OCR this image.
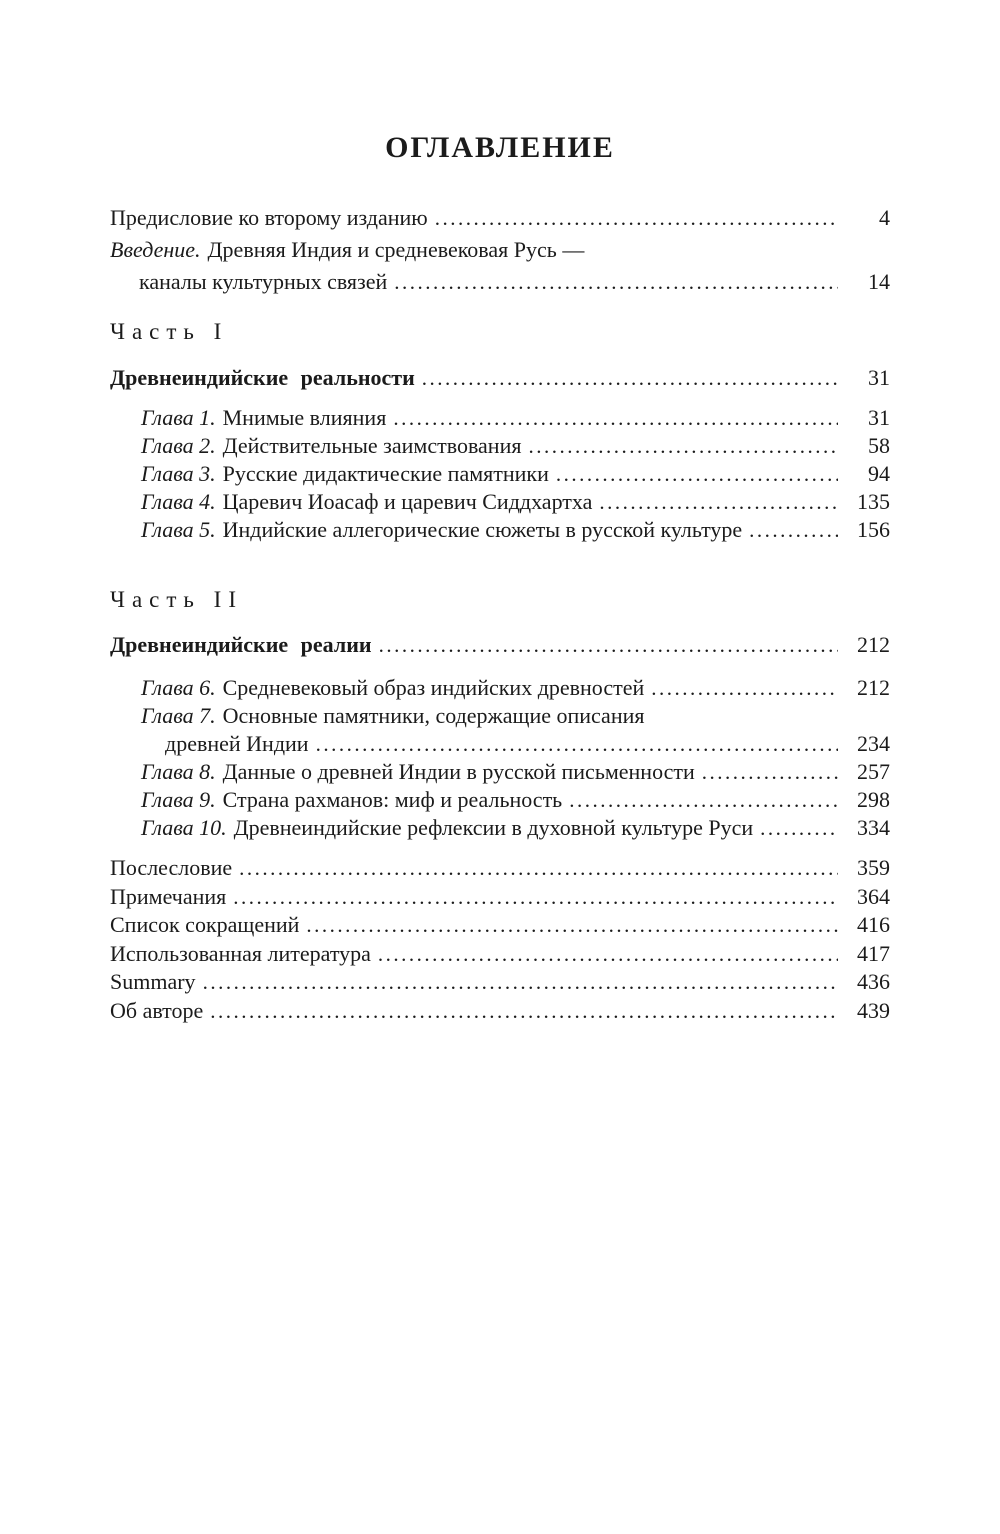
ОГЛАВЛЕНИЕ
Предисловие ко второму изданию .....	4
Введение. Древняя Индия и средневековая Русь —
каналы культурных связей .....	14
Часть I
Древнеиндийские реальности .....	31
Глава 1. Мнимые влияния .....	31
Глава 2. Действительные заимствования .....	58
Глава 3. Русские дидактические памятники .....	94
Глава 4. Царевич Иоасаф и царевич Сиддхартха .....	135
Глава 5. Индийские аллегорические сюжеты в русской культуре .....	156
Часть II
Древнеиндийские реалии .....	212
Глава 6. Средневековый образ индийских древностей .....	212
Глава 7. Основные памятники, содержащие описания
древней Индии .....	234
Глава 8. Данные о древней Индии в русской письменности .....	257
Глава 9. Страна рахманов: миф и реальность .....	298
Глава 10. Древнеиндийские рефлексии в духовной культуре Руси .....	334
Послесловие .....	359
Примечания .....	364
Список сокращений .....	416
Использованная литература .....	417
Summary .....	436
Об авторе .....	439
